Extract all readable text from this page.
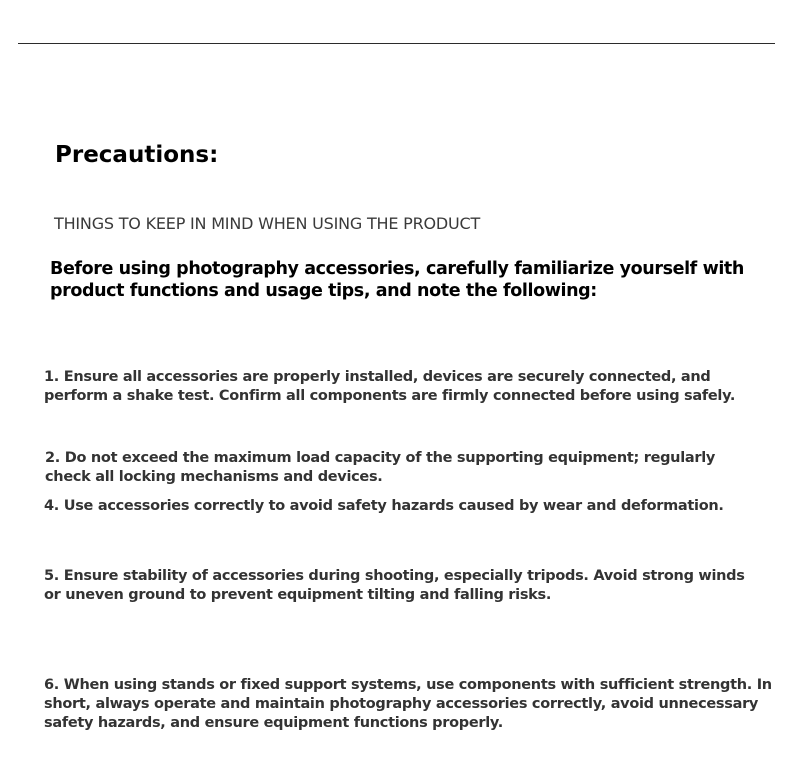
Precautions:
THINGS TO KEEP IN MIND WHEN USING THE PRODUCT
Before using photography accessories, carefully familiarize yourself with product functions and usage tips, and note the following:
1. Ensure all accessories are properly installed, devices are securely connected, and perform a shake test. Confirm all components are firmly connected before using safely.
2. Do not exceed the maximum load capacity of the supporting equipment; regularly check all locking mechanisms and devices.
4. Use accessories correctly to avoid safety hazards caused by wear and deformation.
5. Ensure stability of accessories during shooting, especially tripods. Avoid strong winds or uneven ground to prevent equipment tilting and falling risks.
6. When using stands or fixed support systems, use components with sufficient strength. In short, always operate and maintain photography accessories correctly, avoid unnecessary safety hazards, and ensure equipment functions properly.
